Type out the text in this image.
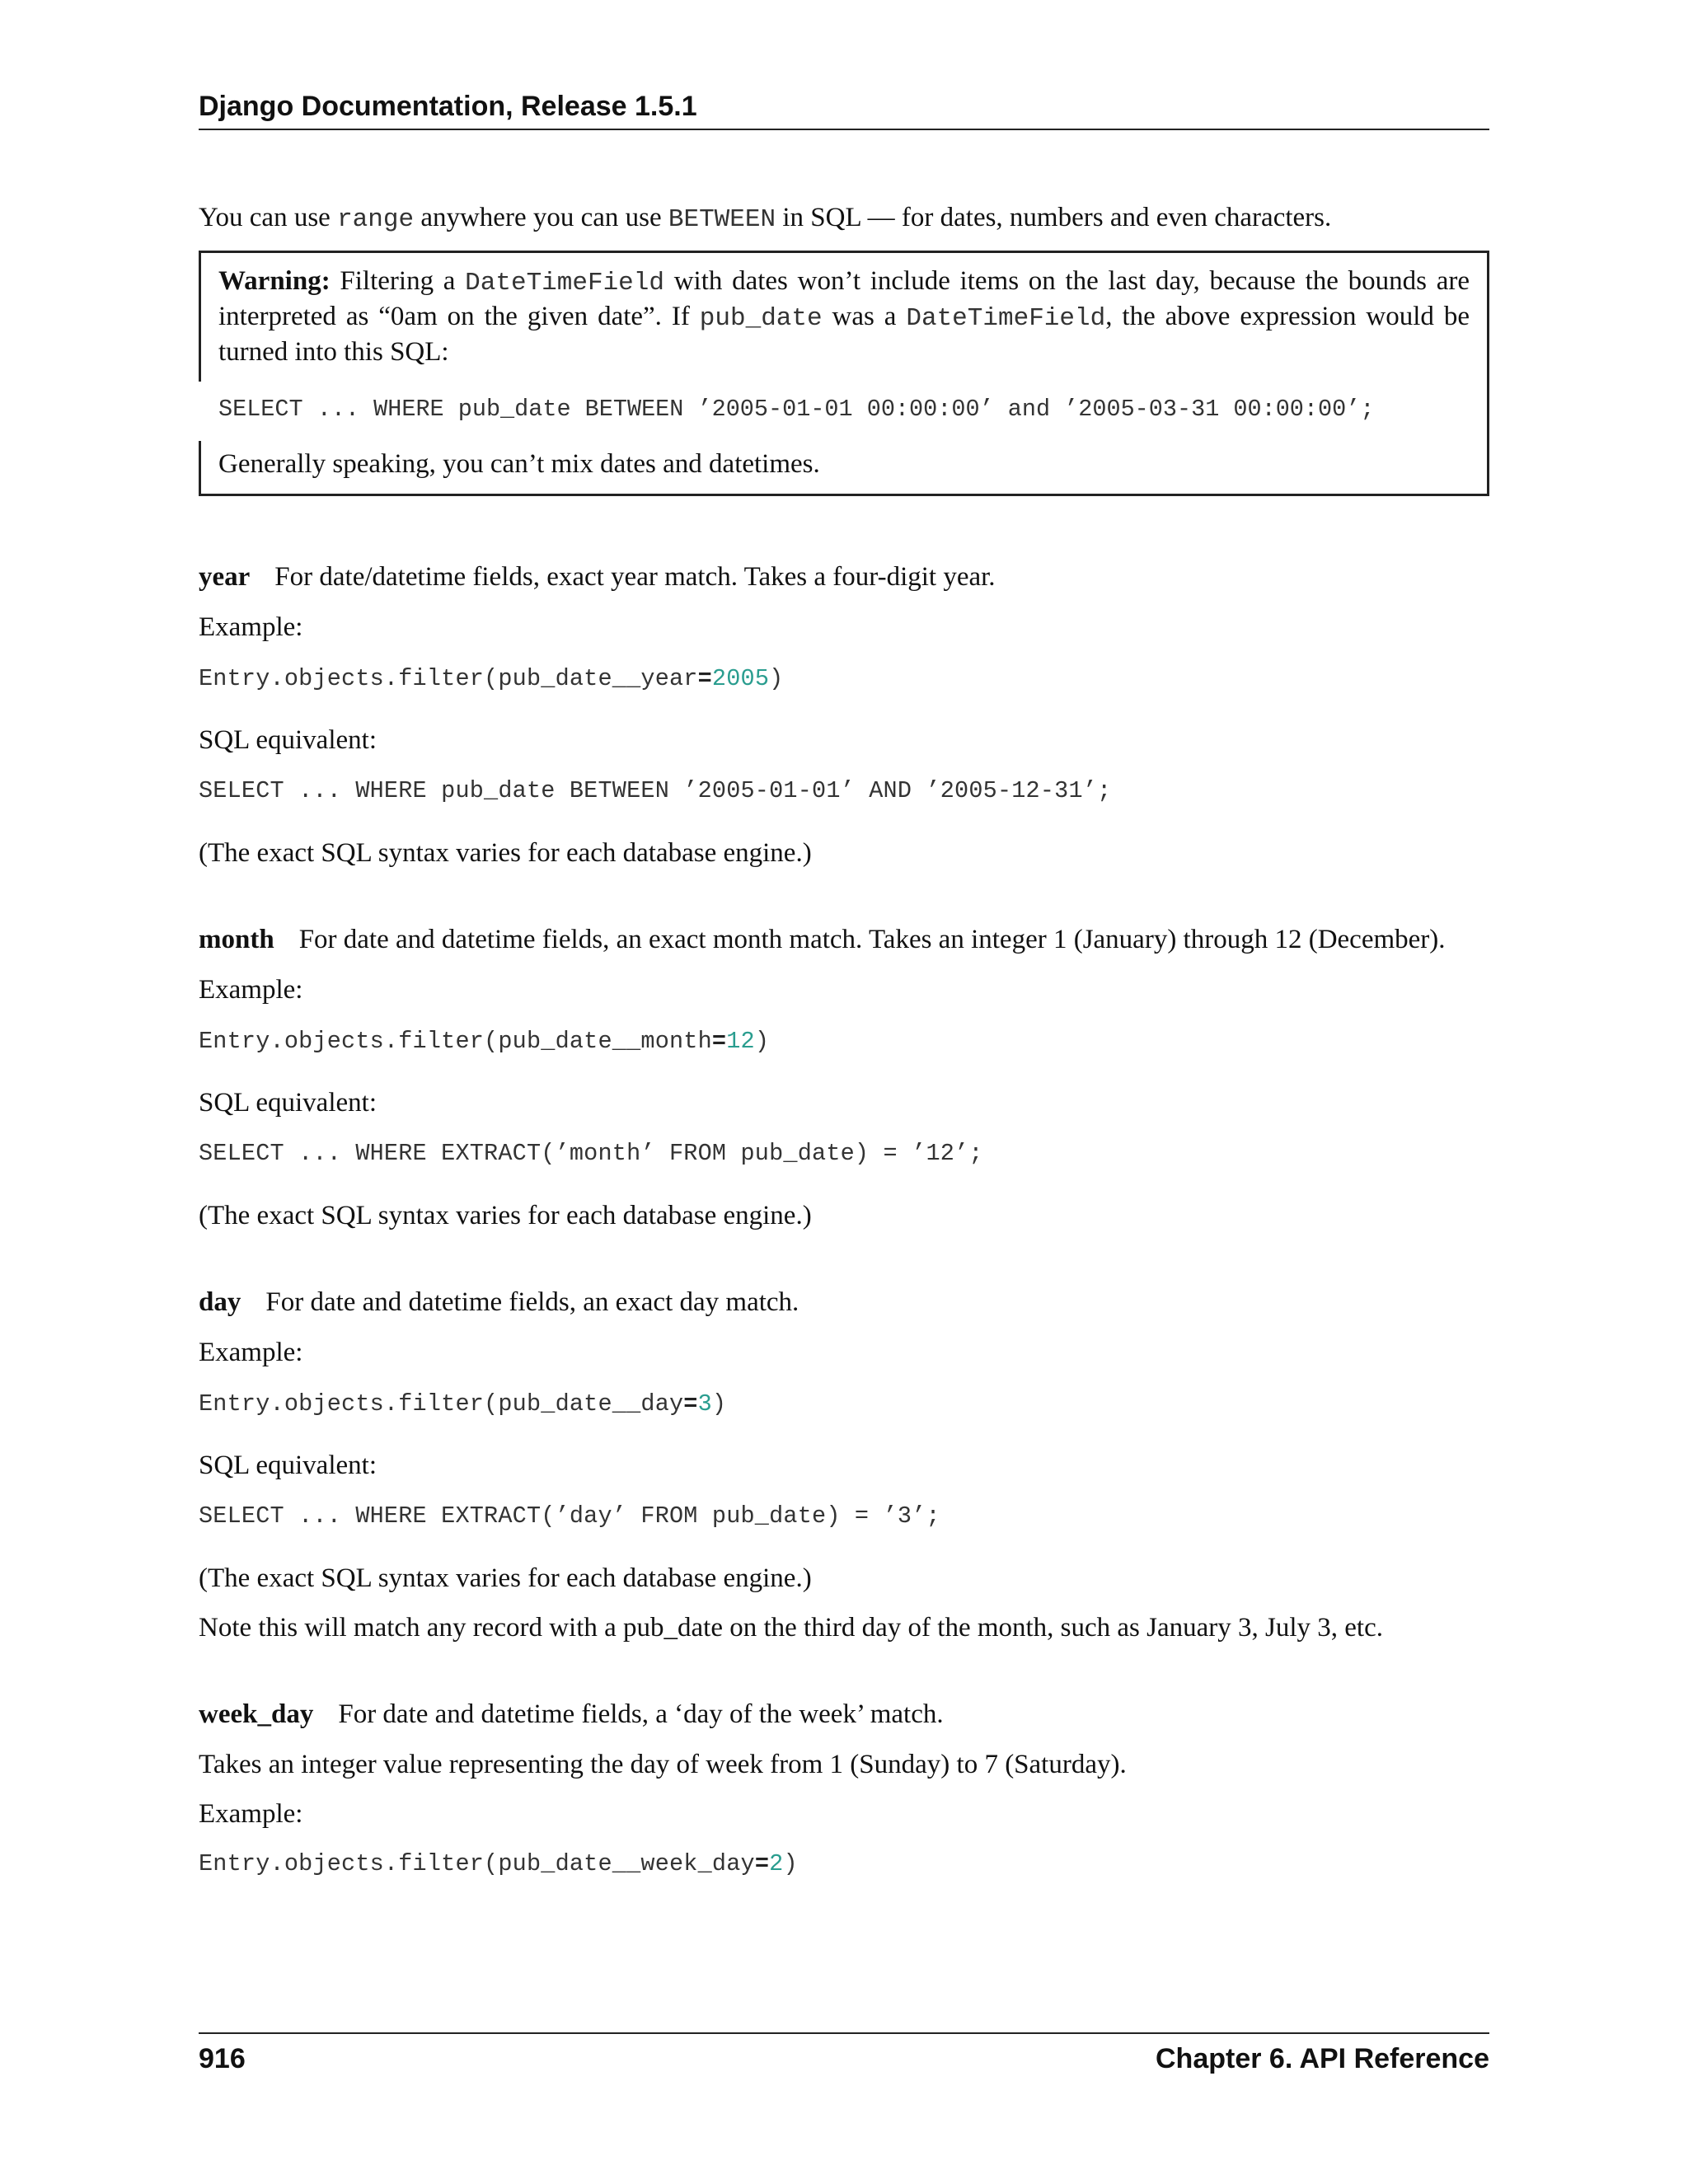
Django Documentation, Release 1.5.1
You can use range anywhere you can use BETWEEN in SQL — for dates, numbers and even characters.
Warning: Filtering a DateTimeField with dates won’t include items on the last day, because the bounds are interpreted as “0am on the given date”. If pub_date was a DateTimeField, the above expression would be turned into this SQL:
SELECT ... WHERE pub_date BETWEEN ’2005-01-01 00:00:00’ and ’2005-03-31 00:00:00’;
Generally speaking, you can’t mix dates and datetimes.
year For date/datetime fields, exact year match. Takes a four-digit year.
Example:
Entry.objects.filter(pub_date__year=2005)
SQL equivalent:
SELECT ... WHERE pub_date BETWEEN ’2005-01-01’ AND ’2005-12-31’;
(The exact SQL syntax varies for each database engine.)
month For date and datetime fields, an exact month match. Takes an integer 1 (January) through 12 (December).
Example:
Entry.objects.filter(pub_date__month=12)
SQL equivalent:
SELECT ... WHERE EXTRACT(’month’ FROM pub_date) = ’12’;
(The exact SQL syntax varies for each database engine.)
day For date and datetime fields, an exact day match.
Example:
Entry.objects.filter(pub_date__day=3)
SQL equivalent:
SELECT ... WHERE EXTRACT(’day’ FROM pub_date) = ’3’;
(The exact SQL syntax varies for each database engine.)
Note this will match any record with a pub_date on the third day of the month, such as January 3, July 3, etc.
week_day For date and datetime fields, a ‘day of the week’ match.
Takes an integer value representing the day of week from 1 (Sunday) to 7 (Saturday).
Example:
Entry.objects.filter(pub_date__week_day=2)
916	Chapter 6. API Reference
